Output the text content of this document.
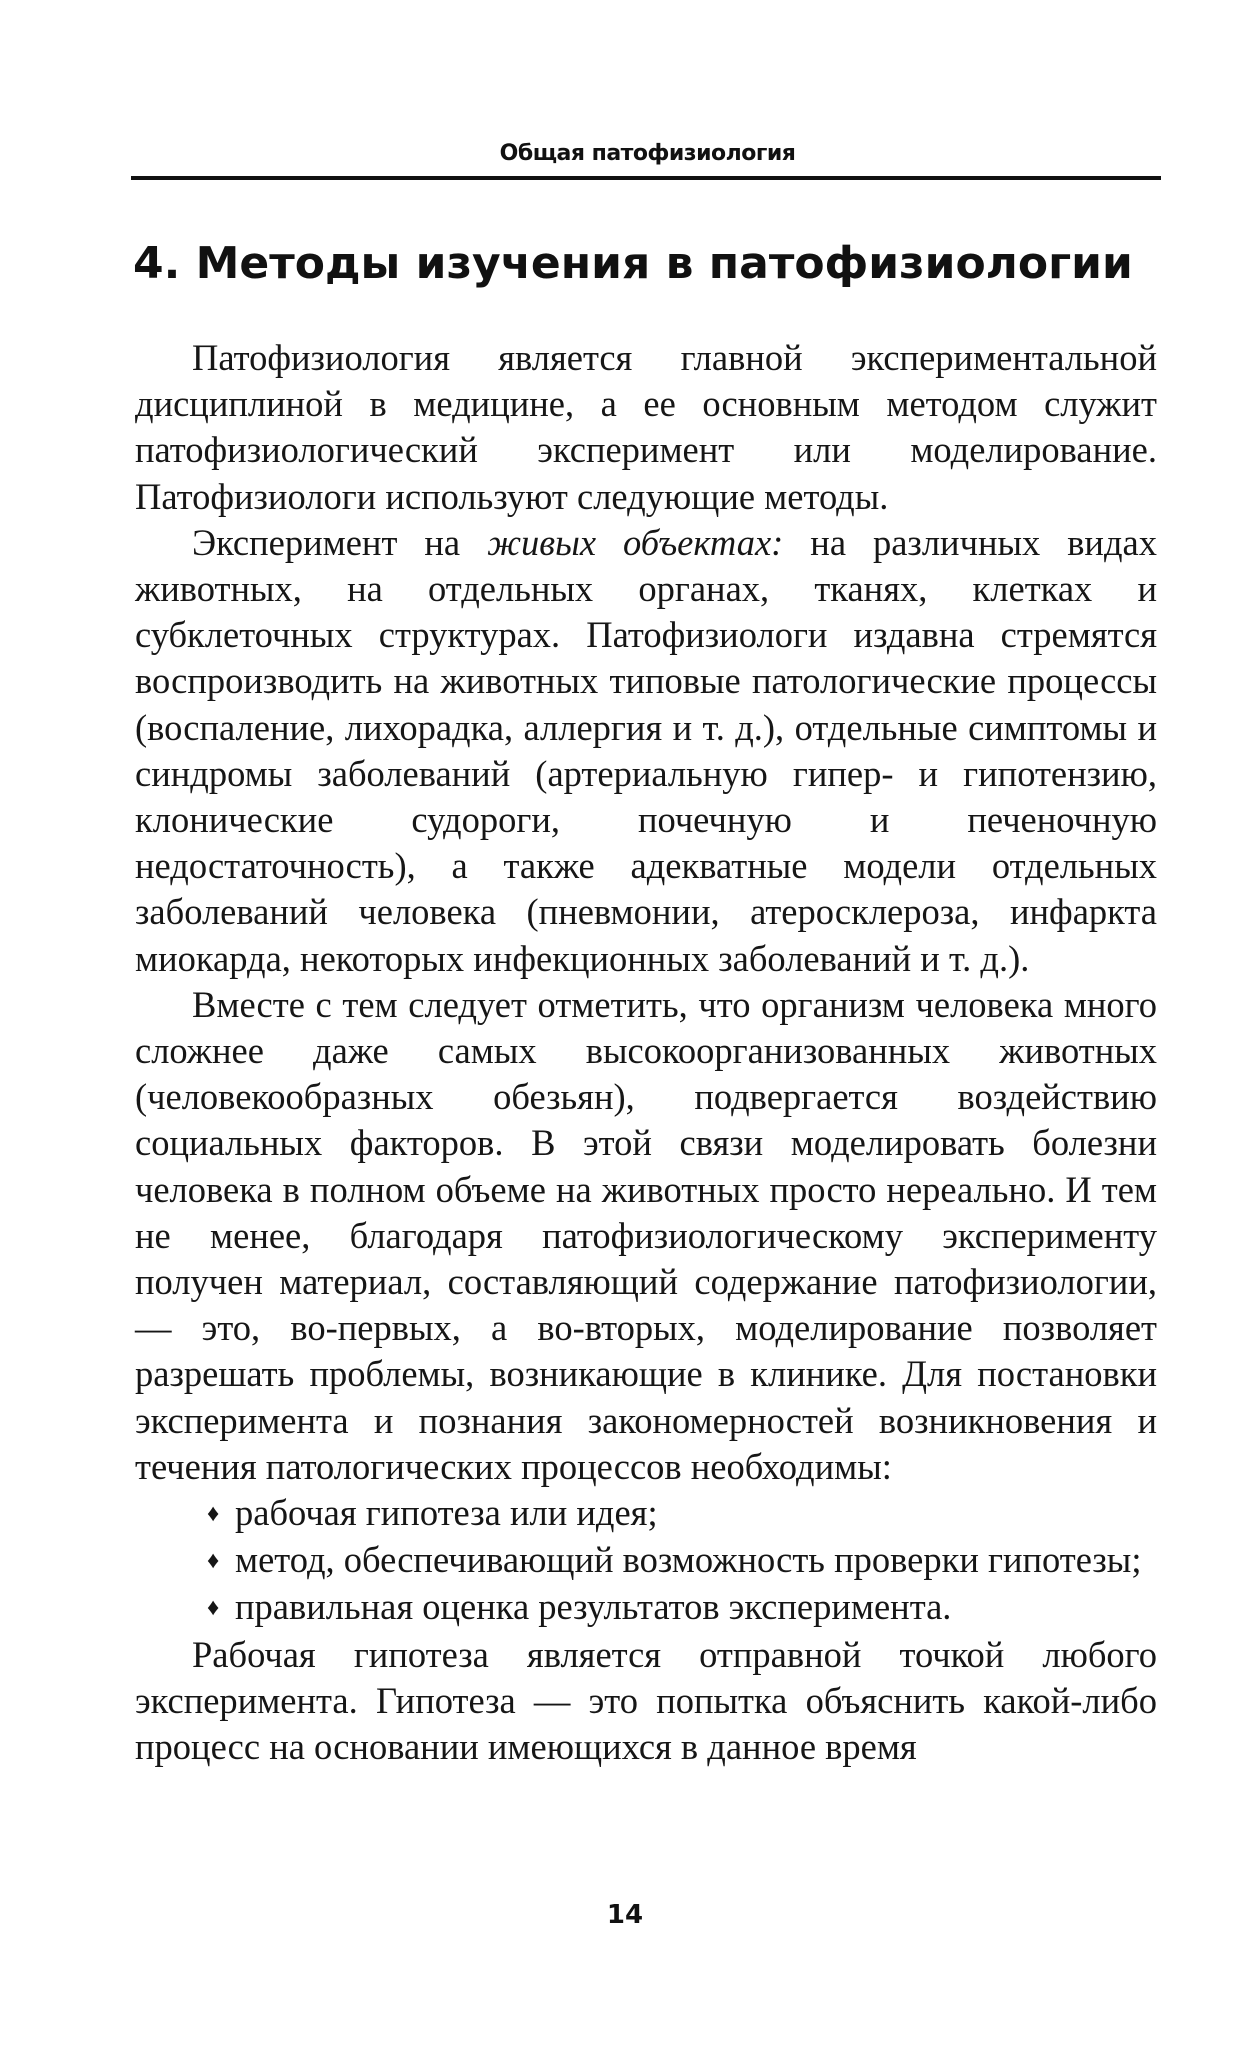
Общая патофизиология
4. Методы изучения в патофизиологии

Патофизиология является главной экспериментальной дисциплиной в медицине, а ее основным методом служит патофизиологический эксперимент или моделирование. Патофизиологи используют следующие методы.

Эксперимент на живых объектах: на различных видах животных, на отдельных органах, тканях, клетках и субклеточных структурах. Патофизиологи издавна стремятся воспроизводить на животных типовые патологические процессы (воспаление, лихорадка, аллергия и т. д.), отдельные симптомы и синдромы заболеваний (артериальную гипер- и гипотензию, клонические судороги, почечную и печеночную недостаточность), а также адекватные модели отдельных заболеваний человека (пневмонии, атеросклероза, инфаркта миокарда, некоторых инфекционных заболеваний и т. д.).

Вместе с тем следует отметить, что организм человека много сложнее даже самых высокоорганизованных животных (человекообразных обезьян), подвергается воздействию социальных факторов. В этой связи моделировать болезни человека в полном объеме на животных просто нереально. И тем не менее, благодаря патофизиологическому эксперименту получен материал, составляющий содержание патофизиологии, — это, во-первых, а во-вторых, моделирование позволяет разрешать проблемы, возникающие в клинике. Для постановки эксперимента и познания закономерностей возникновения и течения патологических процессов необходимы:

♦ рабочая гипотеза или идея;
♦ метод, обеспечивающий возможность проверки гипотезы;
♦ правильная оценка результатов эксперимента.

Рабочая гипотеза является отправной точкой любого эксперимента. Гипотеза — это попытка объяснить какой-либо процесс на основании имеющихся в данное время

14
